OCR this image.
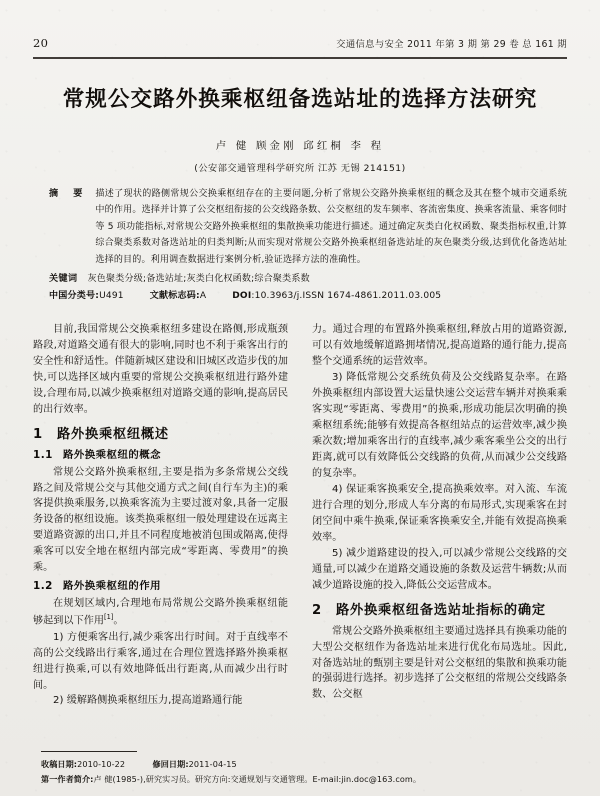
20	交通信息与安全 2011 年第 3 期 第 29 卷 总 161 期
常规公交路外换乘枢纽备选站址的选择方法研究
卢 健 顾金刚 邱红桐 李 程
(公安部交通管理科学研究所 江苏 无锡 214151)
摘 要 描述了现状的路侧常规公交换乘枢纽存在的主要问题,分析了常规公交路外换乘枢纽的概念及其在整个城市交通系统中的作用。选择并计算了公交枢纽衔接的公交线路条数、公交枢纽的发车频率、客流密集度、换乘客流量、乘客伺时等 5 项功能指标,对常规公交路外换乘枢纽的集散换乘功能进行描述。通过确定灰类白化权函数、聚类指标权重,计算综合聚类系数对备选站址的归类判断;从而实现对常规公交路外换乘枢纽备选站址的灰色聚类分级,达到优化备选站址选择的目的。利用调查数据进行案例分析,验证选择方法的准确性。
关键词	灰色聚类分级;备选站址;灰类白化权函数;综合聚类系数
中国分类号: U491	文献标志码: A	DOI :10.3963/j.ISSN 1674-4861.2011.03.005

目前,我国常规公交换乘枢纽多建设在路侧,形成瓶颈路段,对道路交通有很大的影响,同时也不利于乘客出行的安全性和舒适性。伴随新城区建设和旧城区改造步伐的加快,可以选择区域内重要的常规公交换乘枢纽进行路外建设,合理布局,以减少换乘枢纽对道路交通的影响,提高居民的出行效率。

1 路外换乘枢纽概述
1.1 路外换乘枢纽的概念

常规公交路外换乘枢纽,主要是指为多条常规公交线路之间及常规公交与其他交通方式之间(自行车为主)的乘客提供换乘服务,以换乘客流为主要过渡对象,具备一定服务设备的枢纽设施。该类换乘枢纽一般处理建设在远离主要道路资源的出口,并且不同程度地被消包围或隔离,使得乘客可以安全地在枢纽内部完成“零距离、零费用”的换乘。

1.2 路外换乘枢纽的作用

在规划区域内,合理地布局常规公交路外换乘枢纽能够起到以下作用[1]。

1) 方便乘客出行,减少乘客出行时间。对于直线率不高的公交线路出行乘客,通过在合理位置选择路外换乘枢纽进行换乘,可以有效地降低出行距离,从而减少出行时间。

2) 缓解路侧换乘枢纽压力,提高道路通行能

力。通过合理的布置路外换乘枢纽,释放占用的道路资源,可以有效地缓解道路拥堵情况,提高道路的通行能力,提高整个交通系统的运营效率。

3) 降低常规公交系统负荷及公交线路复杂率。在路外换乘枢纽内部设置大运量快速公交运营车辆并对换乘乘客实现“零距离、零费用”的换乘,形成功能层次明确的换乘枢纽系统;能够有效提高各枢纽站点的运营效率,减少换乘次数;增加乘客出行的直线率,减少乘客乘坐公交的出行距离,就可以有效降低公交线路的负荷,从而减少公交线路的复杂率。

4) 保证乘客换乘安全,提高换乘效率。对入流、车流进行合理的划分,形成人车分离的布局形式,实现乘客在封闭空间中乘牛换乘,保证乘客换乘安全,并能有效提高换乘效率。

5) 减少道路建设的投入,可以减少常规公交线路的交通量,可以减少在道路交通设施的条数及运营牛辆数;从而减少道路设施的投入,降低公交运营成本。

2 路外换乘枢纽备选站址指标的确定

常规公交路外换乘枢纽主要通过选择具有换乘功能的大型公交枢纽作为备选站址来进行优化布局选址。因此,对备选站址的甄别主要是针对公交枢纽的集散和换乘功能的强弱进行选择。初步选择了公交枢纽的常规公交线路条数、公交枢

收稿日期:2010-10-22	修回日期:2011-04-15
第一作者简介:卢 健(1985-),研究实习员。研究方向:交通规划与交通管理。E-mail:jin.doc@163.com。
